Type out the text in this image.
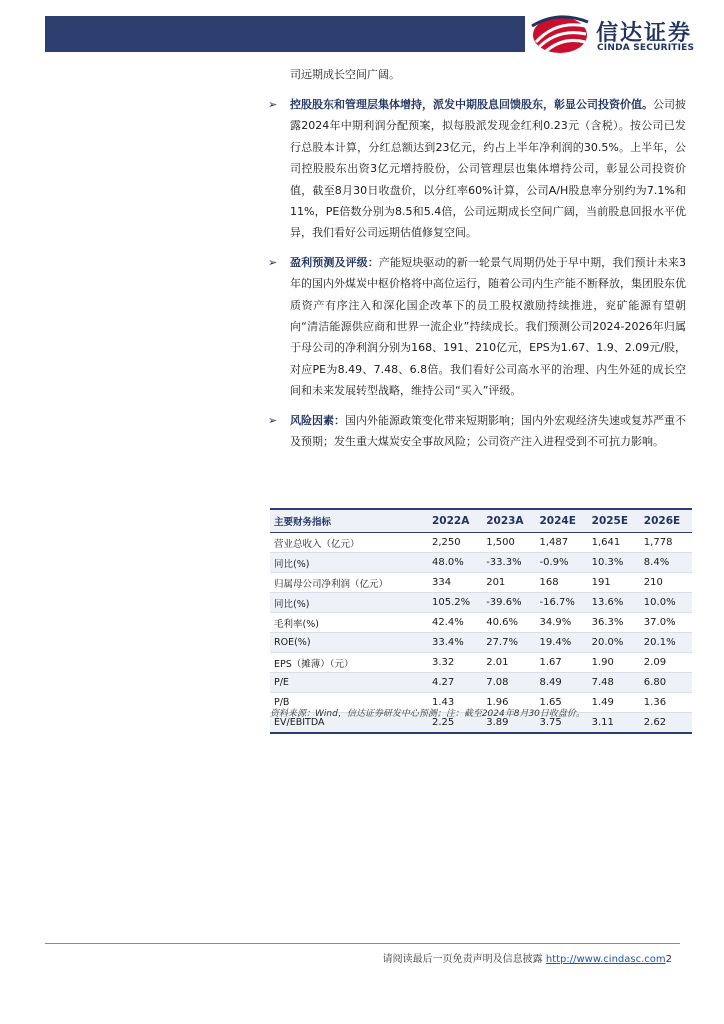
信达证券
CINDA SECURITIES
司远期成长空间广阔。
➢ 控股股东和管理层集体增持，派发中期股息回馈股东，彰显公司投资价值。公司披露2024年中期利润分配预案，拟每股派发现金红利0.23元（含税）。按公司已发行总股本计算，分红总额达到23亿元，约占上半年净利润的30.5%。上半年，公司控股股东出资3亿元增持股份，公司管理层也集体增持公司，彰显公司投资价值，截至8月30日收盘价，以分红率60%计算，公司A/H股息率分别约为7.1%和11%，PE倍数分别为8.5和5.4倍，公司远期成长空间广阔，当前股息回报水平优异，我们看好公司远期估值修复空间。

➢ 盈利预测及评级：产能短块驱动的新一轮景气周期仍处于早中期，我们预计未来3年的国内外煤炭中枢价格将中高位运行，随着公司内生产能不断释放，集团股东优质资产有序注入和深化国企改革下的员工股权激励持续推进，兖矿能源有望朝向“清洁能源供应商和世界一流企业”持续成长。我们预测公司2024-2026年归属于母公司的净利润分别为168、191、210亿元，EPS为1.67、1.9、2.09元/股，对应PE为8.49、7.48、6.8倍。我们看好公司高水平的治理、内生外延的成长空间和未来发展转型战略，维持公司“买入”评级。

➢ 风险因素：国内外能源政策变化带来短期影响；国内外宏观经济失速或复苏严重不及预期；发生重大煤炭安全事故风险；公司资产注入进程受到不可抗力影响。

主要财务指标	2022A	2023A	2024E	2025E	2026E
营业总收入（亿元）	2,250	1,500	1,487	1,641	1,778
同比(%)	48.0%	-33.3%	-0.9%	10.3%	8.4%
归属母公司净利润（亿元）	334	201	168	191	210
同比(%)	105.2%	-39.6%	-16.7%	13.6%	10.0%
毛利率(%)	42.4%	40.6%	34.9%	36.3%	37.0%
ROE(%)	33.4%	27.7%	19.4%	20.0%	20.1%
EPS（摊薄）（元）	3.32	2.01	1.67	1.90	2.09
P/E	4.27	7.08	8.49	7.48	6.80
P/B	1.43	1.96	1.65	1.49	1.36
EV/EBITDA	2.25	3.89	3.75	3.11	2.62
资料来源：Wind，信达证券研发中心预测；注：截至2024年8月30日收盘价。
请阅读最后一页免责声明及信息披露 http://www.cindasc.com2
